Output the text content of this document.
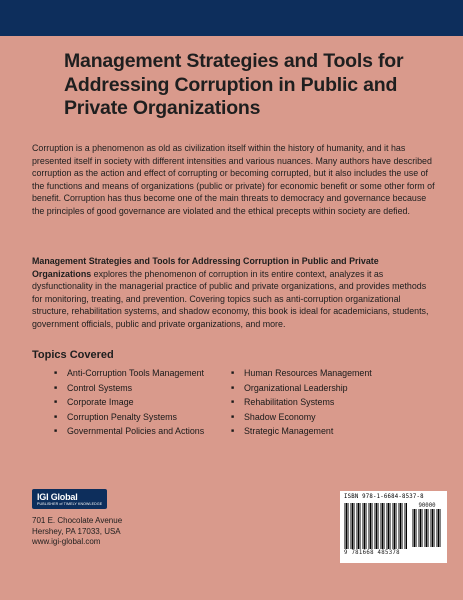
Management Strategies and Tools for Addressing Corruption in Public and Private Organizations

Corruption is a phenomenon as old as civilization itself within the history of humanity, and it has presented itself in society with different intensities and various nuances. Many authors have described corruption as the action and effect of corrupting or becoming corrupted, but it also includes the use of the functions and means of organizations (public or private) for economic benefit or some other form of benefit. Corruption has thus become one of the main threats to democracy and governance because the principles of good governance are violated and the ethical precepts within society are defied.

Management Strategies and Tools for Addressing Corruption in Public and Private Organizations explores the phenomenon of corruption in its entire context, analyzes it as dysfunctionality in the managerial practice of public and private organizations, and provides methods for monitoring, treating, and prevention. Covering topics such as anti-corruption organizational structure, rehabilitation systems, and shadow economy, this book is ideal for academicians, students, government officials, public and private organizations, and more.

Topics Covered
■ Anti-Corruption Tools Management
■ Control Systems
■ Corporate Image
■ Corruption Penalty Systems
■ Governmental Policies and Actions
■ Human Resources Management
■ Organizational Leadership
■ Rehabilitation Systems
■ Shadow Economy
■ Strategic Management
IGI Global
PUBLISHER of TIMELY KNOWLEDGE
701 E. Chocolate Avenue
Hershey, PA 17033, USA
www.igi-global.com
ISBN 978-1-6684-8537-8
90000
9 781668 485378
